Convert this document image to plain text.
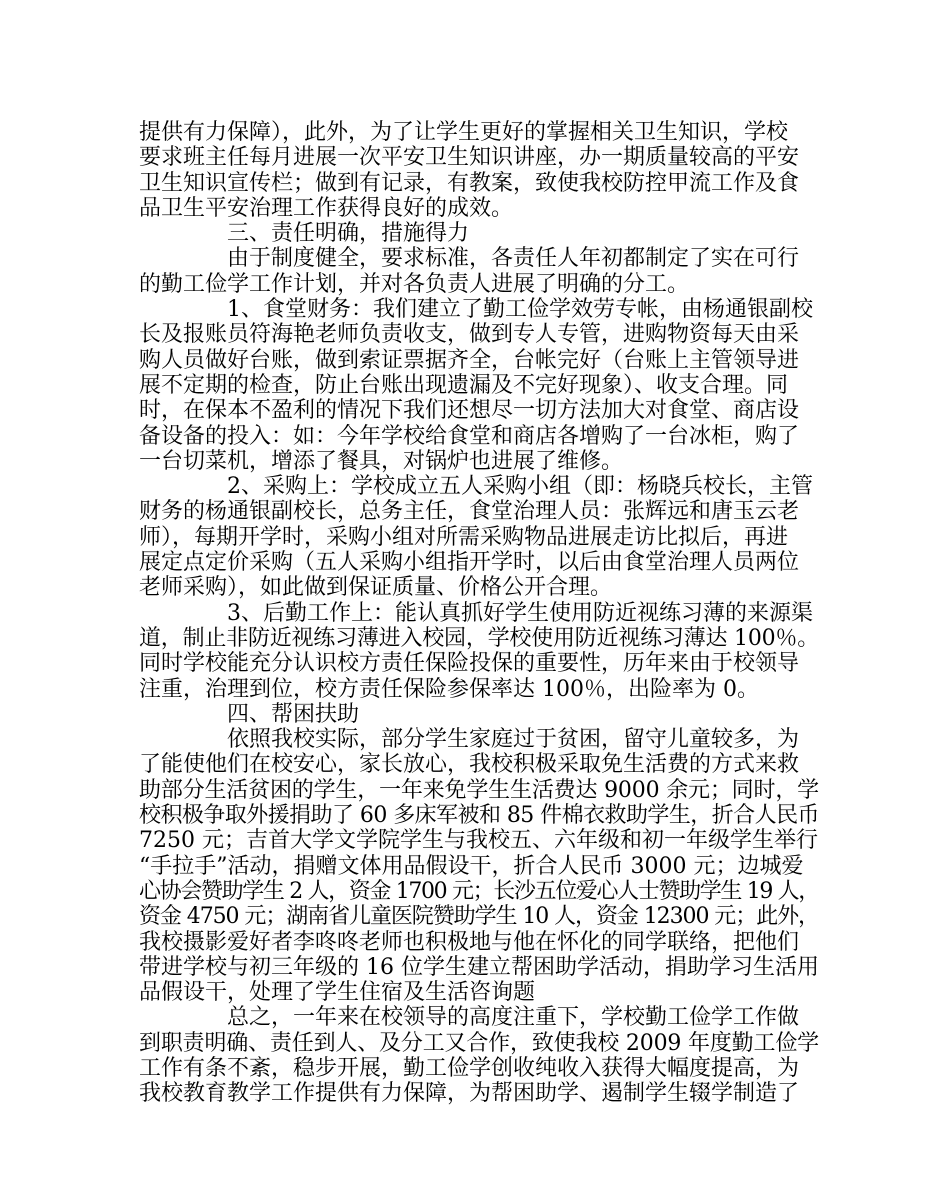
提供有力保障），此外，为了让学生更好的掌握相关卫生知识，学校
要求班主任每月进展一次平安卫生知识讲座，办一期质量较高的平安
卫生知识宣传栏；做到有记录，有教案，致使我校防控甲流工作及食
品卫生平安治理工作获得良好的成效。
三、责任明确，措施得力
由于制度健全，要求标准，各责任人年初都制定了实在可行
的勤工俭学工作计划，并对各负责人进展了明确的分工。
1、食堂财务：我们建立了勤工俭学效劳专帐，由杨通银副校
长及报账员符海艳老师负责收支，做到专人专管，进购物资每天由采
购人员做好台账，做到索证票据齐全，台帐完好（台账上主管领导进
展不定期的检查，防止台账出现遗漏及不完好现象）、收支合理。同
时，在保本不盈利的情况下我们还想尽一切方法加大对食堂、商店设
备设备的投入：如：今年学校给食堂和商店各增购了一台冰柜，购了
一台切菜机，增添了餐具，对锅炉也进展了维修。
2、采购上：学校成立五人采购小组（即：杨晓兵校长，主管
财务的杨通银副校长，总务主任，食堂治理人员：张辉远和唐玉云老
师），每期开学时，采购小组对所需采购物品进展走访比拟后，再进
展定点定价采购（五人采购小组指开学时，以后由食堂治理人员两位
老师采购），如此做到保证质量、价格公开合理。
3、后勤工作上：能认真抓好学生使用防近视练习薄的来源渠
道，制止非防近视练习薄进入校园，学校使用防近视练习薄达 100％。
同时学校能充分认识校方责任保险投保的重要性，历年来由于校领导
注重，治理到位，校方责任保险参保率达 100％，出险率为 0。
四、帮困扶助
依照我校实际，部分学生家庭过于贫困，留守儿童较多，为
了能使他们在校安心，家长放心，我校积极采取免生活费的方式来救
助部分生活贫困的学生，一年来免学生生活费达 9000 余元；同时，学
校积极争取外援捐助了 60 多床军被和 85 件棉衣救助学生，折合人民币
7250 元；吉首大学文学院学生与我校五、六年级和初一年级学生举行
“手拉手”活动，捐赠文体用品假设干，折合人民币 3000 元；边城爱
心协会赞助学生 2 人，资金 1700 元；长沙五位爱心人士赞助学生 19 人，
资金 4750 元；湖南省儿童医院赞助学生 10 人，资金 12300 元；此外，
我校摄影爱好者李咚咚老师也积极地与他在怀化的同学联络，把他们
带进学校与初三年级的 16 位学生建立帮困助学活动，捐助学习生活用
品假设干，处理了学生住宿及生活咨询题
总之，一年来在校领导的高度注重下，学校勤工俭学工作做
到职责明确、责任到人、及分工又合作，致使我校 2009 年度勤工俭学
工作有条不紊，稳步开展，勤工俭学创收纯收入获得大幅度提高，为
我校教育教学工作提供有力保障，为帮困助学、遏制学生辍学制造了
